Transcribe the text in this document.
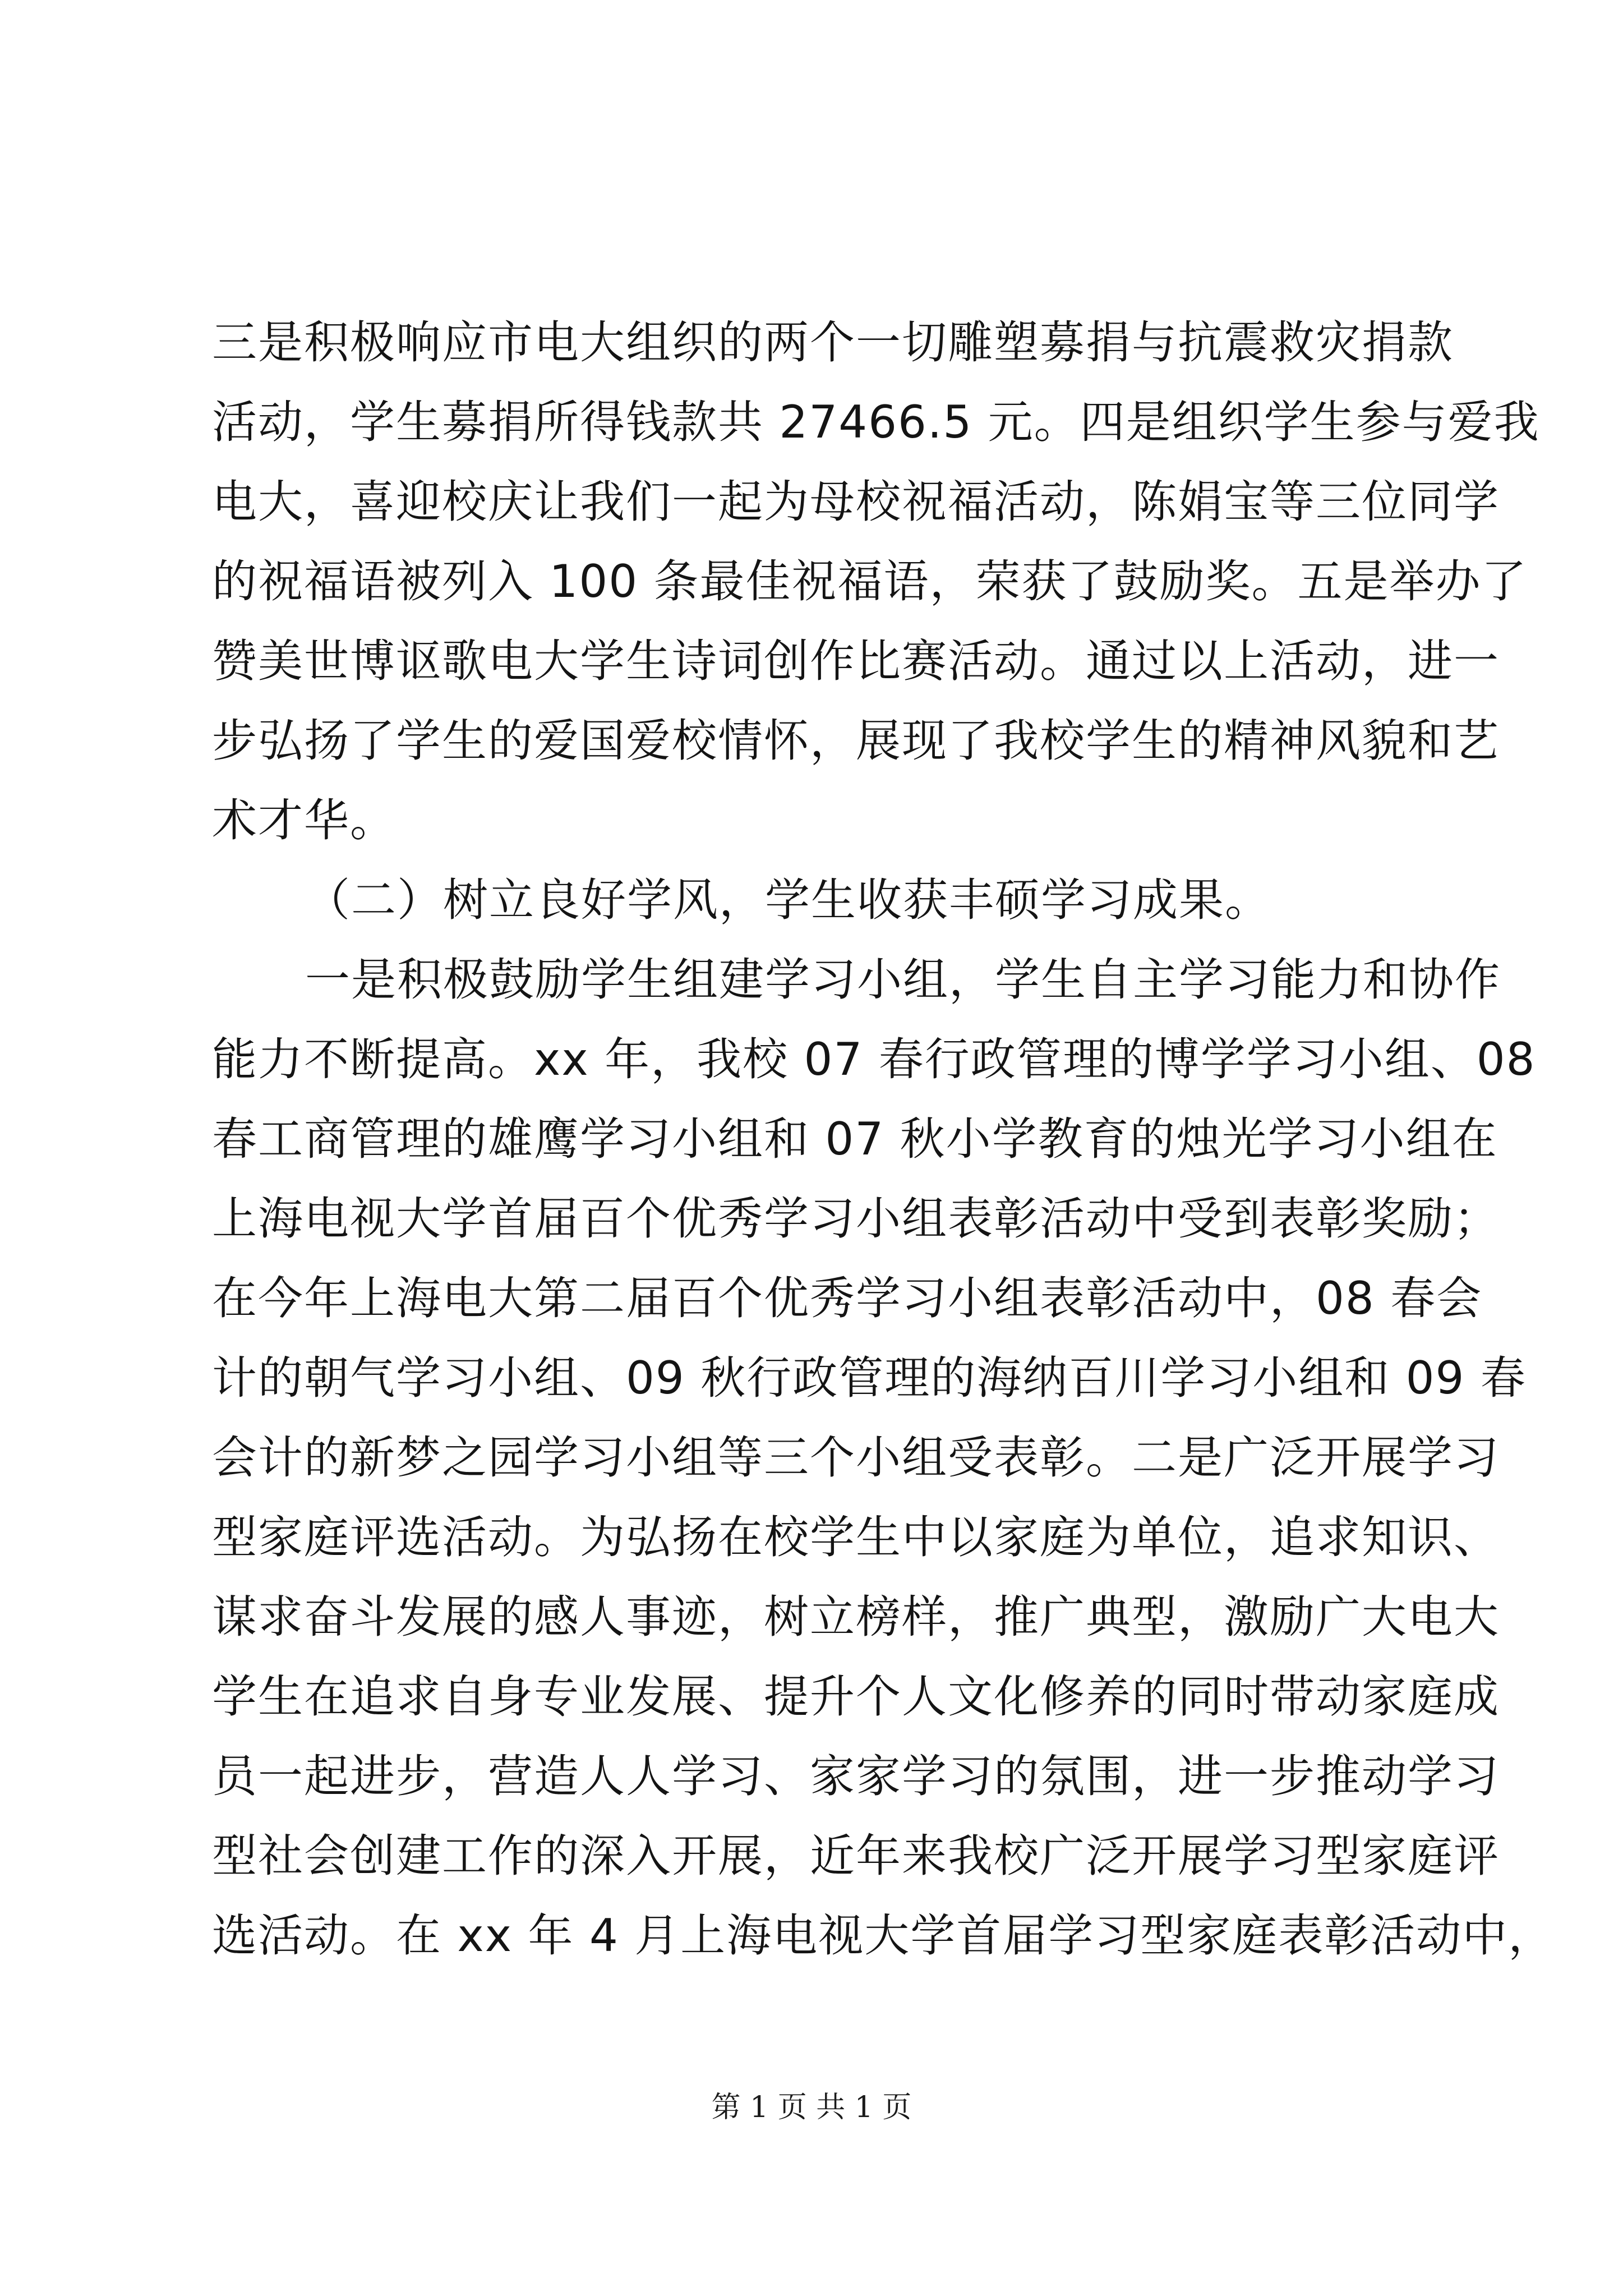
三是积极响应市电大组织的两个一切雕塑募捐与抗震救灾捐款
活动，学生募捐所得钱款共 27466.5 元。四是组织学生参与爱我
电大，喜迎校庆让我们一起为母校祝福活动，陈娟宝等三位同学
的祝福语被列入 100 条最佳祝福语，荣获了鼓励奖。五是举办了
赞美世博讴歌电大学生诗词创作比赛活动。通过以上活动，进一
步弘扬了学生的爱国爱校情怀，展现了我校学生的精神风貌和艺
术才华。
（二）树立良好学风，学生收获丰硕学习成果。
一是积极鼓励学生组建学习小组，学生自主学习能力和协作
能力不断提高。xx 年，我校 07 春行政管理的博学学习小组、08
春工商管理的雄鹰学习小组和 07 秋小学教育的烛光学习小组在
上海电视大学首届百个优秀学习小组表彰活动中受到表彰奖励；
在今年上海电大第二届百个优秀学习小组表彰活动中，08 春会
计的朝气学习小组、09 秋行政管理的海纳百川学习小组和 09 春
会计的新梦之园学习小组等三个小组受表彰。二是广泛开展学习
型家庭评选活动。为弘扬在校学生中以家庭为单位，追求知识、
谋求奋斗发展的感人事迹，树立榜样，推广典型，激励广大电大
学生在追求自身专业发展、提升个人文化修养的同时带动家庭成
员一起进步，营造人人学习、家家学习的氛围，进一步推动学习
型社会创建工作的深入开展，近年来我校广泛开展学习型家庭评
选活动。在 xx 年 4 月上海电视大学首届学习型家庭表彰活动中，
第 1 页 共 1 页
